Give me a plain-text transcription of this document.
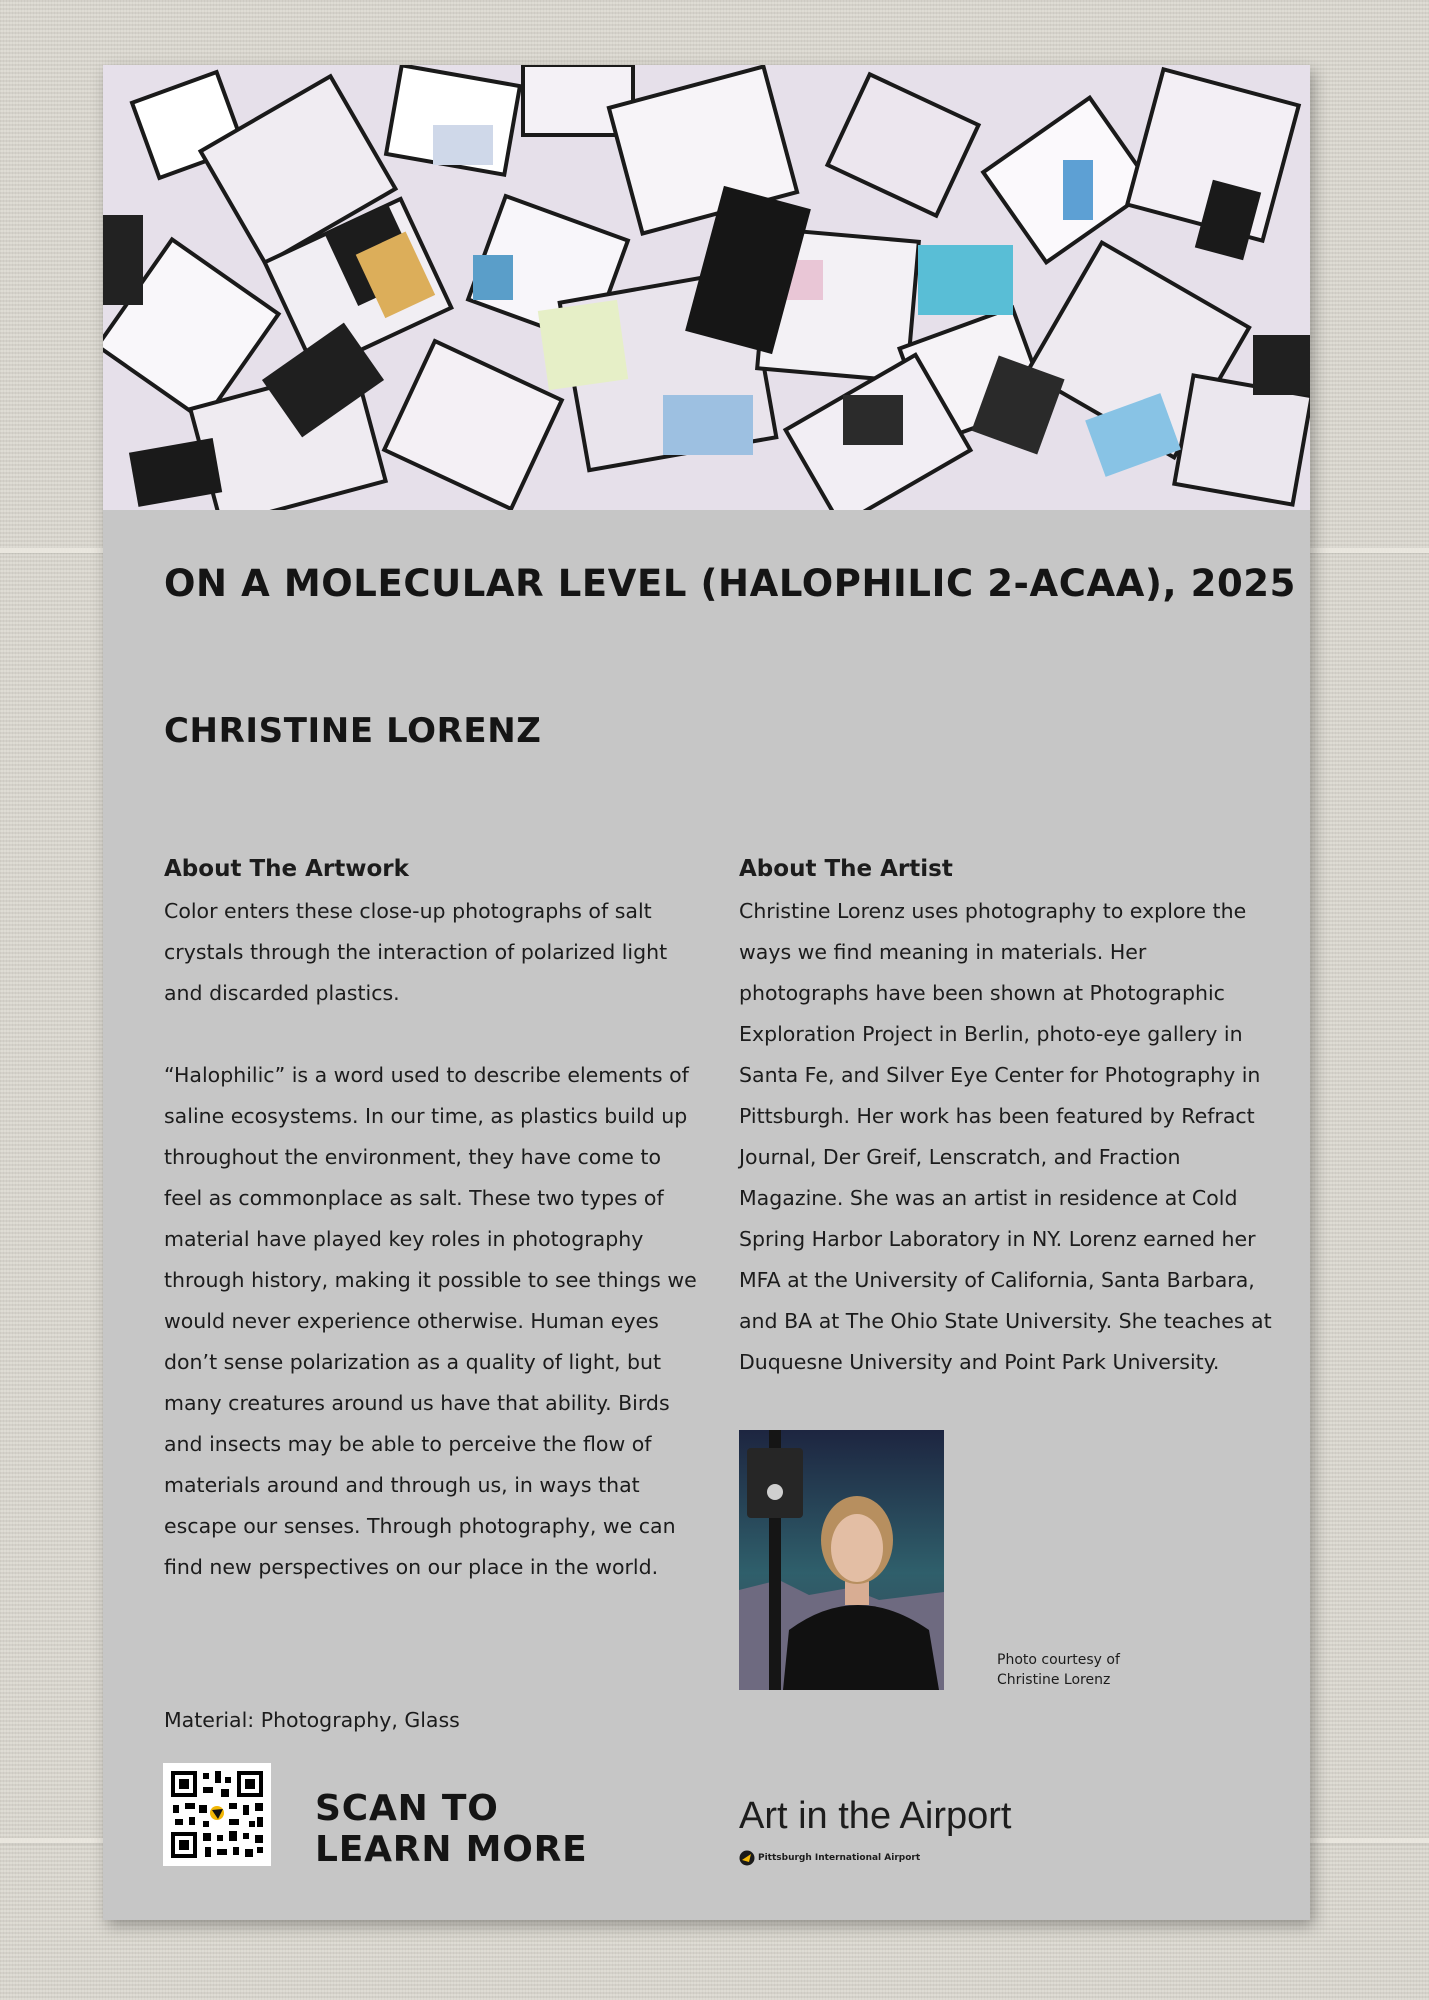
ON A MOLECULAR LEVEL (HALOPHILIC 2-ACAA), 2025
CHRISTINE LORENZ
About The Artwork

Color enters these close-up photographs of salt crystals through the interaction of polarized light and discarded plastics.

“Halophilic” is a word used to describe elements of saline ecosystems. In our time, as plastics build up throughout the environment, they have come to feel as commonplace as salt. These two types of material have played key roles in photography through history, making it possible to see things we would never experience otherwise. Human eyes don’t sense polarization as a quality of light, but many creatures around us have that ability. Birds and insects may be able to perceive the flow of materials around and through us, in ways that escape our senses. Through photography, we can find new perspectives on our place in the world.

About The Artist

Christine Lorenz uses photography to explore the ways we find meaning in materials. Her photographs have been shown at Photographic Exploration Project in Berlin, photo-eye gallery in Santa Fe, and Silver Eye Center for Photography in Pittsburgh. Her work has been featured by Refract Journal, Der Greif, Lenscratch, and Fraction Magazine. She was an artist in residence at Cold Spring Harbor Laboratory in NY. Lorenz earned her MFA at the University of California, Santa Barbara, and BA at The Ohio State University. She teaches at Duquesne University and Point Park University.

Material: Photography, Glass

Photo courtesy of Christine Lorenz

SCAN TO
LEARN MORE

Art in the Airport

Pittsburgh International Airport
